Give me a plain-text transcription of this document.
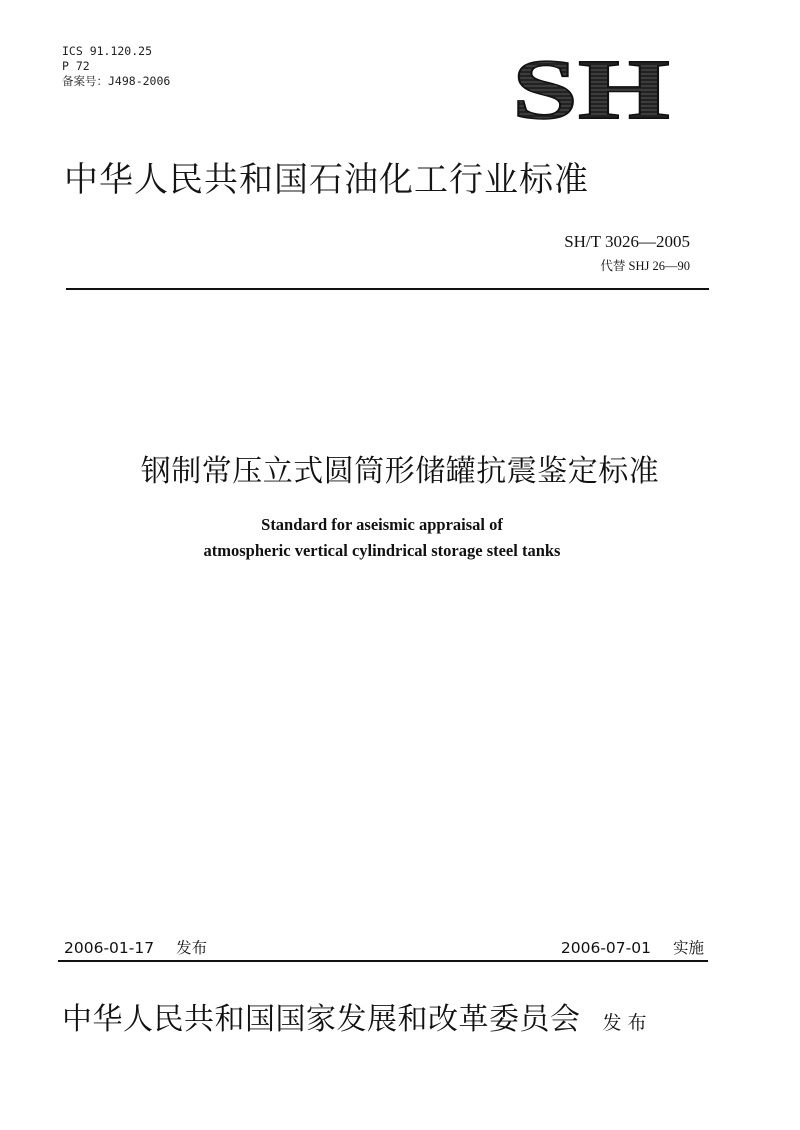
ICS 91.120.25
P 72
备案号：J498-2006	SH
中华人民共和国石油化工行业标准
SH/T 3026—2005
代替 SHJ 26—90
钢制常压立式圆筒形储罐抗震鉴定标准
Standard for aseismic appraisal of
atmospheric vertical cylindrical storage steel tanks
2006-01-17 发布	2006-07-01 实施
中华人民共和国国家发展和改革委员会 发布
